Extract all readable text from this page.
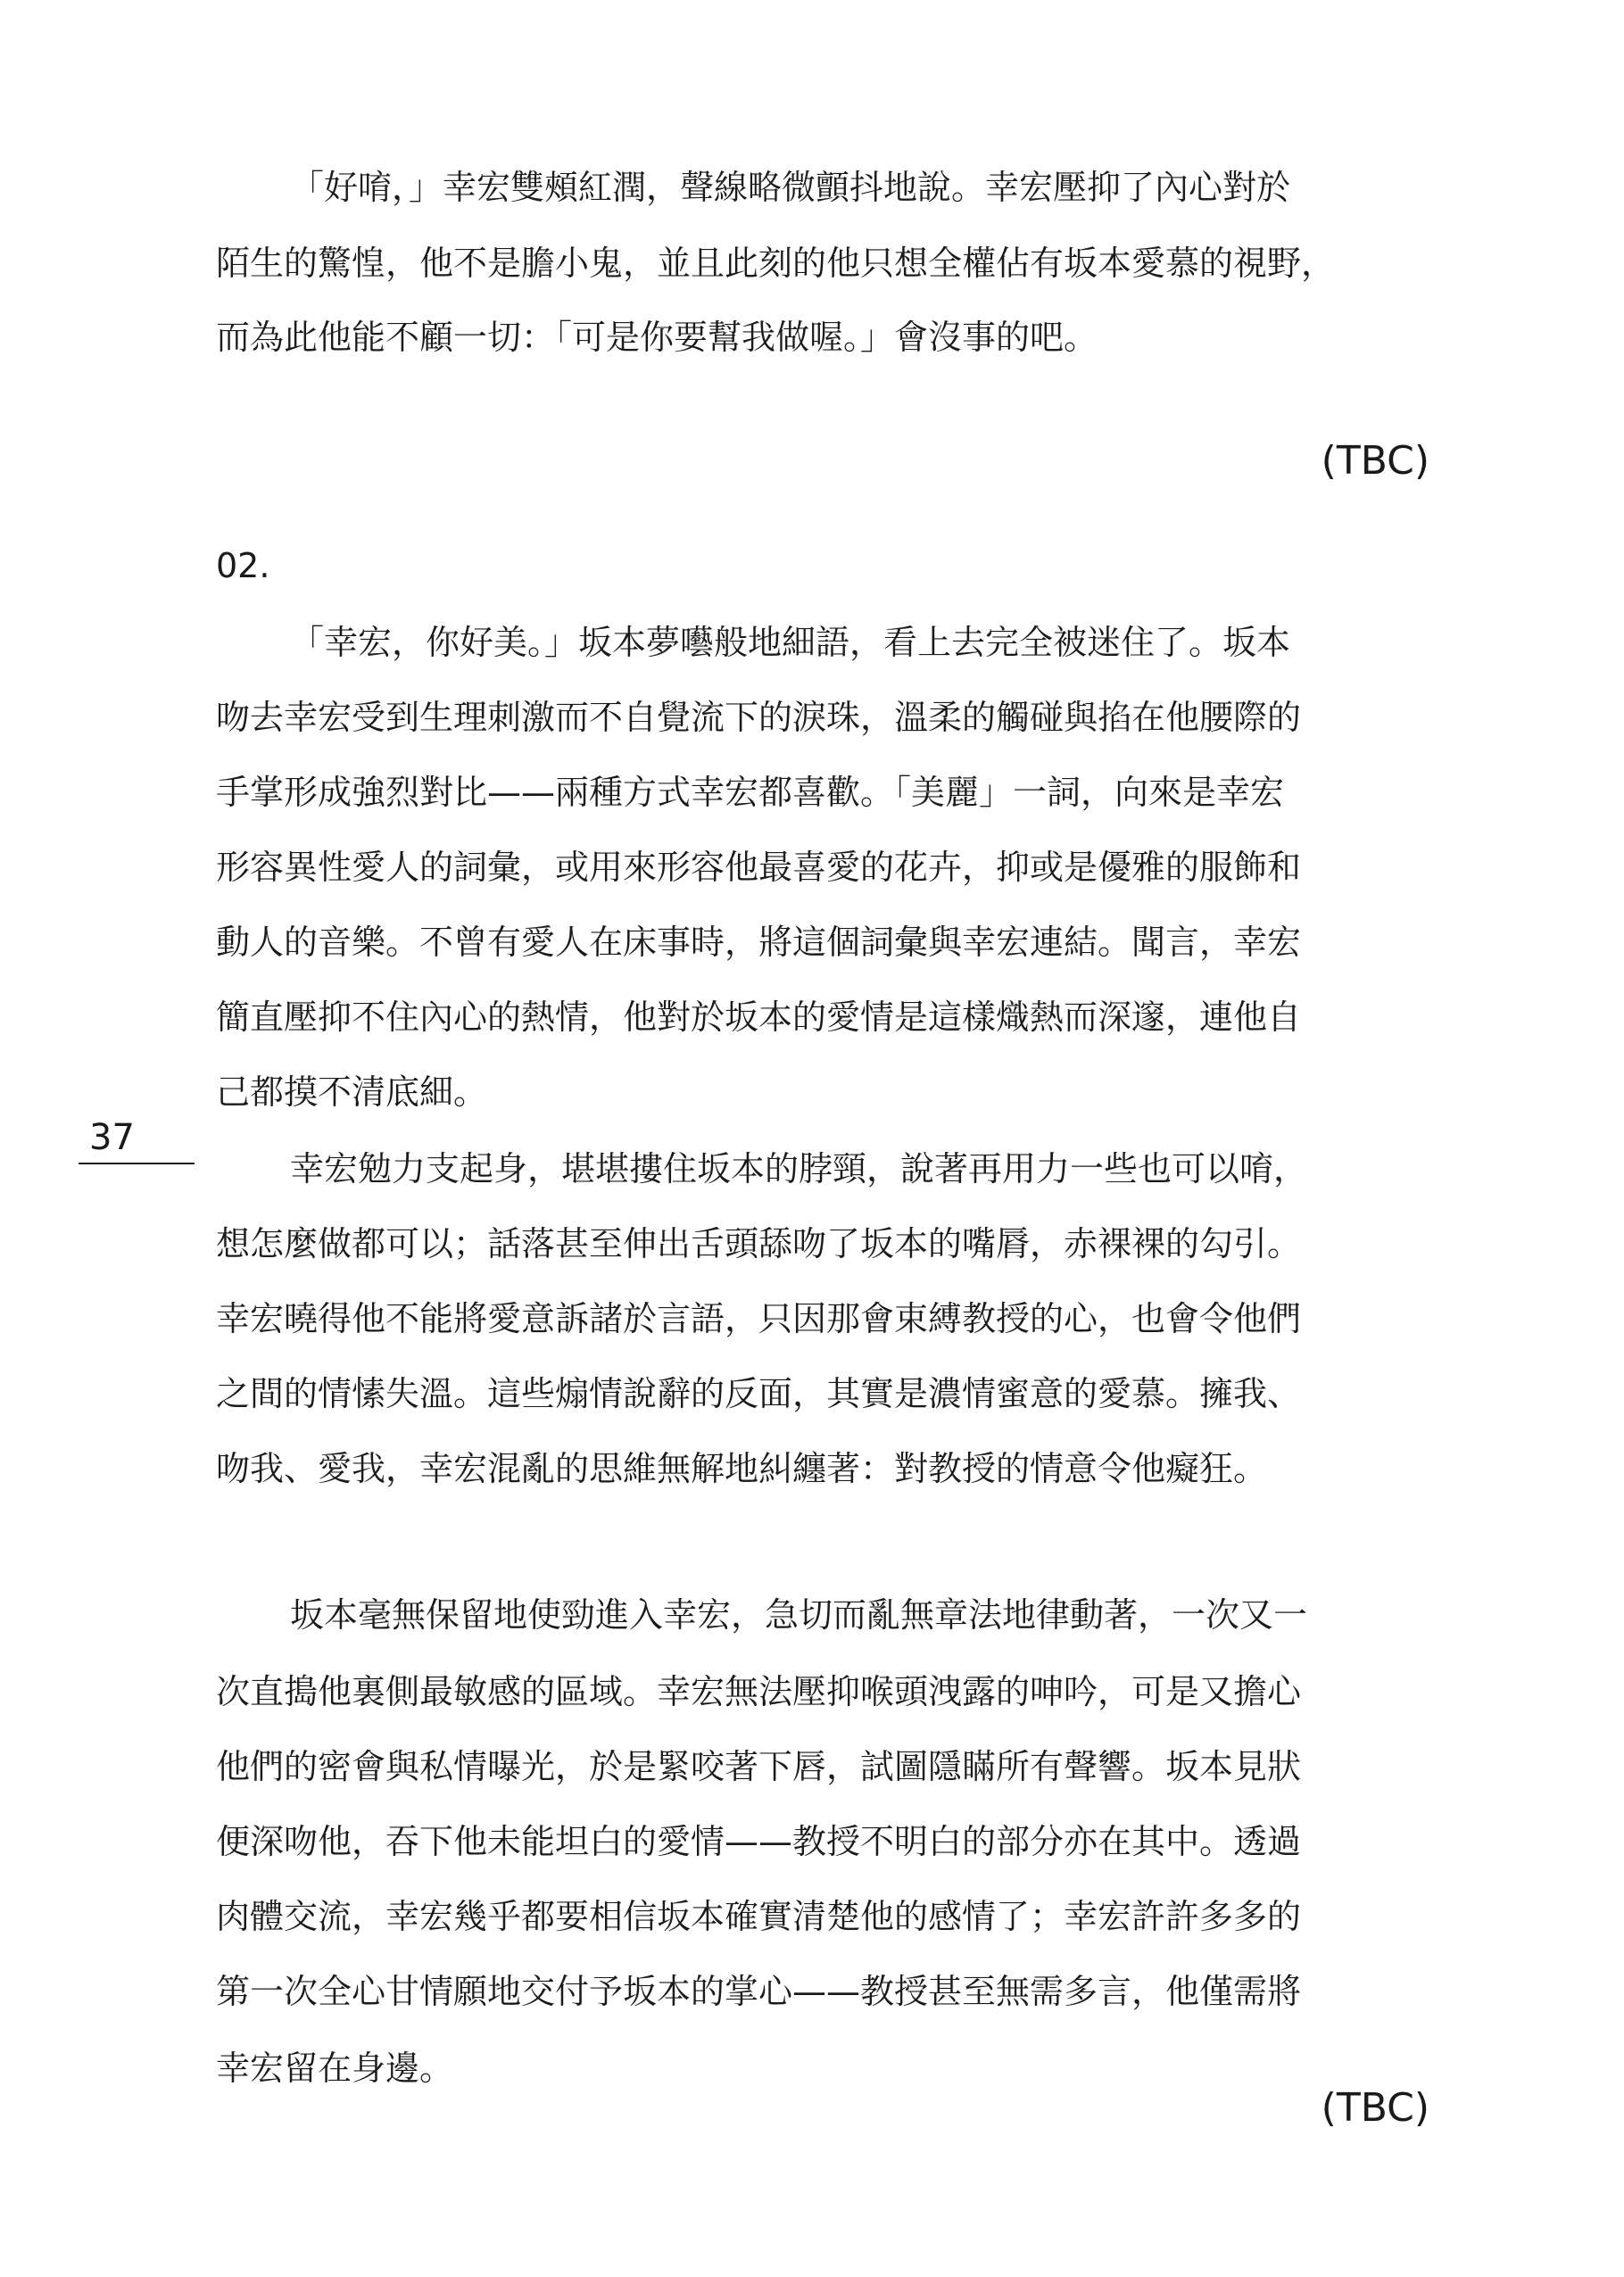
「好唷，」幸宏雙頰紅潤，聲線略微顫抖地說。幸宏壓抑了內心對於
陌生的驚惶，他不是膽小鬼，並且此刻的他只想全權佔有坂本愛慕的視野，
而為此他能不顧一切：「可是你要幫我做喔。」會沒事的吧。
(TBC)
02.
「幸宏，你好美。」坂本夢囈般地細語，看上去完全被迷住了。坂本
吻去幸宏受到生理刺激而不自覺流下的淚珠，溫柔的觸碰與掐在他腰際的
手掌形成強烈對比——兩種方式幸宏都喜歡。「美麗」一詞，向來是幸宏
形容異性愛人的詞彙，或用來形容他最喜愛的花卉，抑或是優雅的服飾和
動人的音樂。不曾有愛人在床事時，將這個詞彙與幸宏連結。聞言，幸宏
簡直壓抑不住內心的熱情，他對於坂本的愛情是這樣熾熱而深邃，連他自
己都摸不清底細。
幸宏勉力支起身，堪堪摟住坂本的脖頸，說著再用力一些也可以唷，
想怎麼做都可以；話落甚至伸出舌頭舔吻了坂本的嘴脣，赤裸裸的勾引。
幸宏曉得他不能將愛意訴諸於言語，只因那會束縛教授的心，也會令他們
之間的情愫失溫。這些煽情說辭的反面，其實是濃情蜜意的愛慕。擁我、
吻我、愛我，幸宏混亂的思維無解地糾纏著：對教授的情意令他癡狂。
坂本毫無保留地使勁進入幸宏，急切而亂無章法地律動著，一次又一
次直搗他裏側最敏感的區域。幸宏無法壓抑喉頭洩露的呻吟，可是又擔心
他們的密會與私情曝光，於是緊咬著下唇，試圖隱瞞所有聲響。坂本見狀
便深吻他，吞下他未能坦白的愛情——教授不明白的部分亦在其中。透過
肉體交流，幸宏幾乎都要相信坂本確實清楚他的感情了；幸宏許許多多的
第一次全心甘情願地交付予坂本的掌心——教授甚至無需多言，他僅需將
幸宏留在身邊。
(TBC)
37
